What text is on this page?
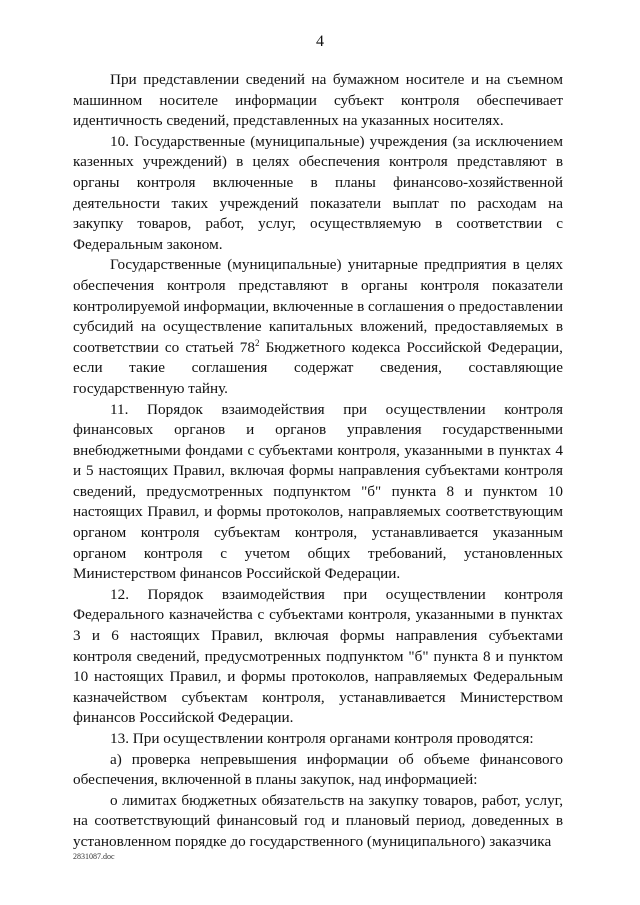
4

При представлении сведений на бумажном носителе и на съемном машинном носителе информации субъект контроля обеспечивает идентичность сведений, представленных на указанных носителях.

10. Государственные (муниципальные) учреждения (за исключением казенных учреждений) в целях обеспечения контроля представляют в органы контроля включенные в планы финансово-хозяйственной деятельности таких учреждений показатели выплат по расходам на закупку товаров, работ, услуг, осуществляемую в соответствии с Федеральным законом.

Государственные (муниципальные) унитарные предприятия в целях обеспечения контроля представляют в органы контроля показатели контролируемой информации, включенные в соглашения о предоставлении субсидий на осуществление капитальных вложений, предоставляемых в соответствии со статьей $78^2$ Бюджетного кодекса Российской Федерации, если такие соглашения содержат сведения, составляющие государственную тайну.

11. Порядок взаимодействия при осуществлении контроля финансовых органов и органов управления государственными внебюджетными фондами с субъектами контроля, указанными в пунктах 4 и 5 настоящих Правил, включая формы направления субъектами контроля сведений, предусмотренных подпунктом "б" пункта 8 и пунктом 10 настоящих Правил, и формы протоколов, направляемых соответствующим органом контроля субъектам контроля, устанавливается указанным органом контроля с учетом общих требований, установленных Министерством финансов Российской Федерации.

12. Порядок взаимодействия при осуществлении контроля Федерального казначейства с субъектами контроля, указанными в пунктах 3 и 6 настоящих Правил, включая формы направления субъектами контроля сведений, предусмотренных подпунктом "б" пункта 8 и пунктом 10 настоящих Правил, и формы протоколов, направляемых Федеральным казначейством субъектам контроля, устанавливается Министерством финансов Российской Федерации.

13. При осуществлении контроля органами контроля проводятся:

а) проверка непревышения информации об объеме финансового обеспечения, включенной в планы закупок, над информацией:

о лимитах бюджетных обязательств на закупку товаров, работ, услуг, на соответствующий финансовый год и плановый период, доведенных в установленном порядке до государственного (муниципального) заказчика

2831087.doc
